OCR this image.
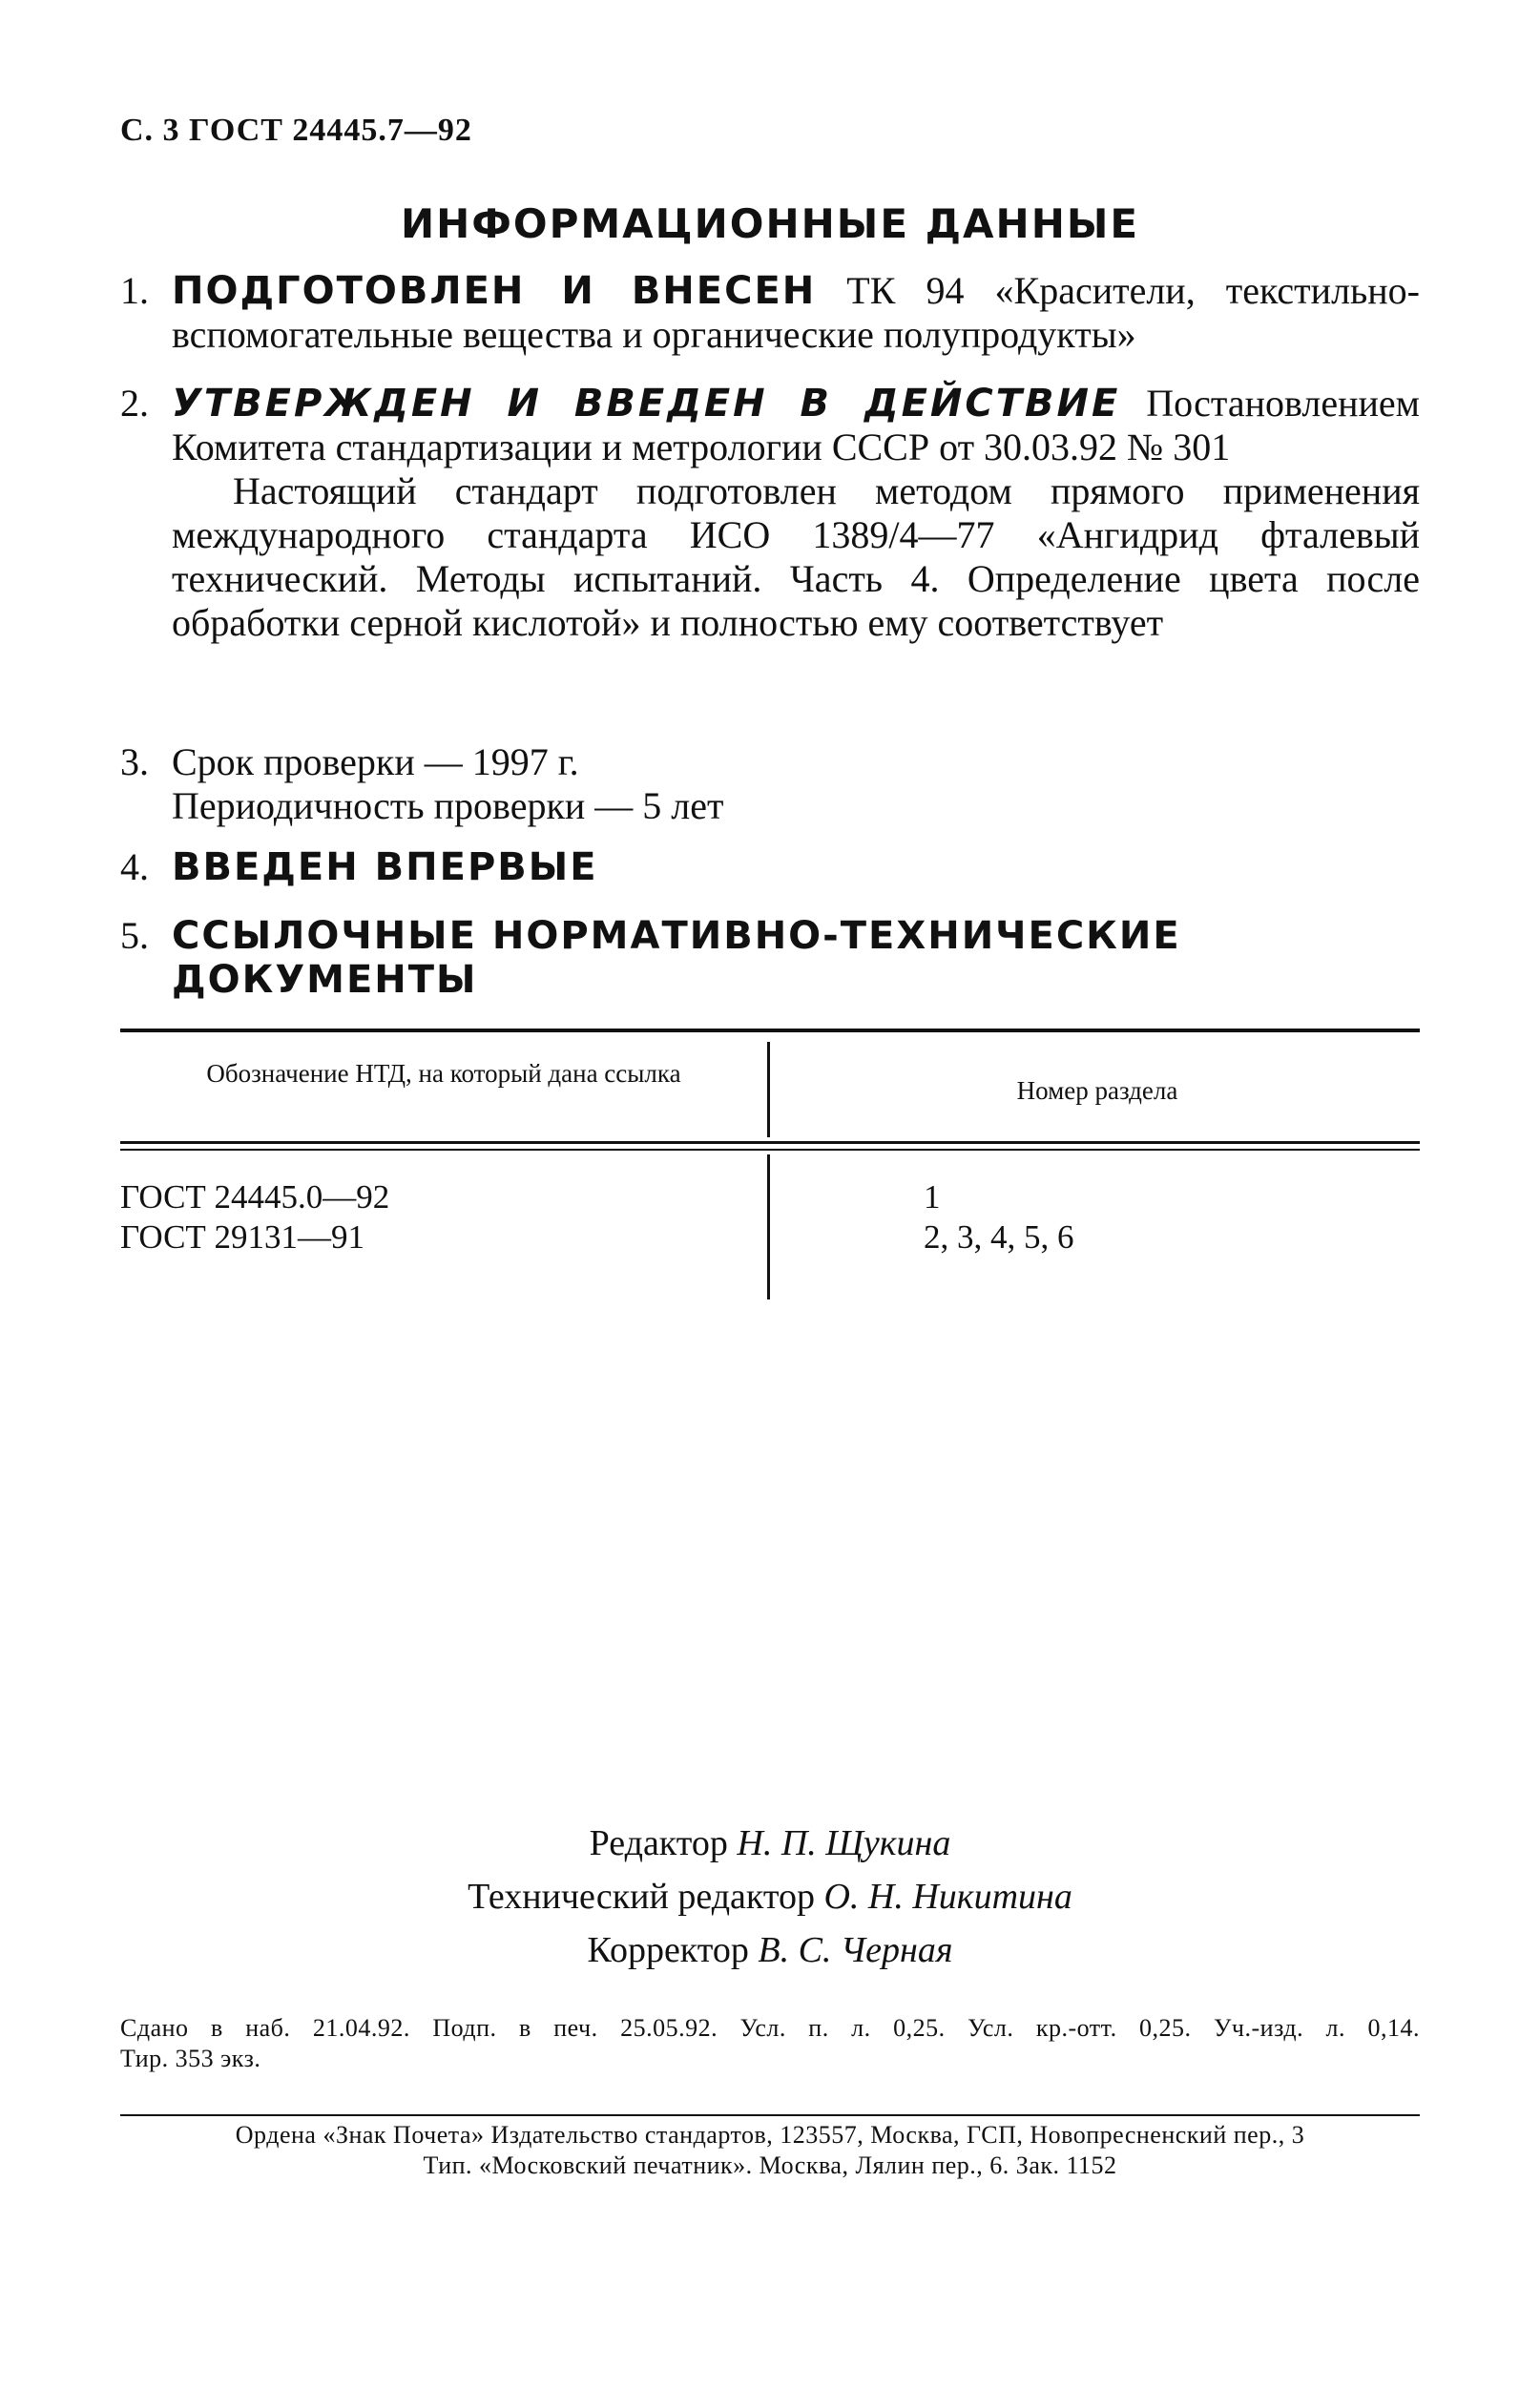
С. 3 ГОСТ 24445.7—92
ИНФОРМАЦИОННЫЕ ДАННЫЕ
1. ПОДГОТОВЛЕН И ВНЕСЕН ТК 94 «Красители, текстильно-вспомогательные вещества и органические полупродукты»
2. УТВЕРЖДЕН И ВВЕДЕН В ДЕЙСТВИЕ Постановлением Комитета стандартизации и метрологии СССР от 30.03.92 № 301
Настоящий стандарт подготовлен методом прямого применения международного стандарта ИСО 1389/4—77 «Ангидрид фталевый технический. Методы испытаний. Часть 4. Определение цвета после обработки серной кислотой» и полностью ему соответствует
3. Срок проверки — 1997 г.
Периодичность проверки — 5 лет
4. ВВЕДЕН ВПЕРВЫЕ
5. ССЫЛОЧНЫЕ НОРМАТИВНО-ТЕХНИЧЕСКИЕ ДОКУМЕНТЫ
Обозначение НТД, на который дана ссылка
Номер раздела
ГОСТ 24445.0—92
ГОСТ 29131—91
1
2, 3, 4, 5, 6
Редактор Н. П. Щукина
Технический редактор О. Н. Никитина
Корректор В. С. Черная
Сдано в наб. 21.04.92. Подп. в печ. 25.05.92. Усл. п. л. 0,25. Усл. кр.-отт. 0,25. Уч.-изд. л. 0,14.
Тир. 353 экз.
Ордена «Знак Почета» Издательство стандартов, 123557, Москва, ГСП, Новопресненский пер., 3
Тип. «Московский печатник». Москва, Лялин пер., 6. Зак. 1152
